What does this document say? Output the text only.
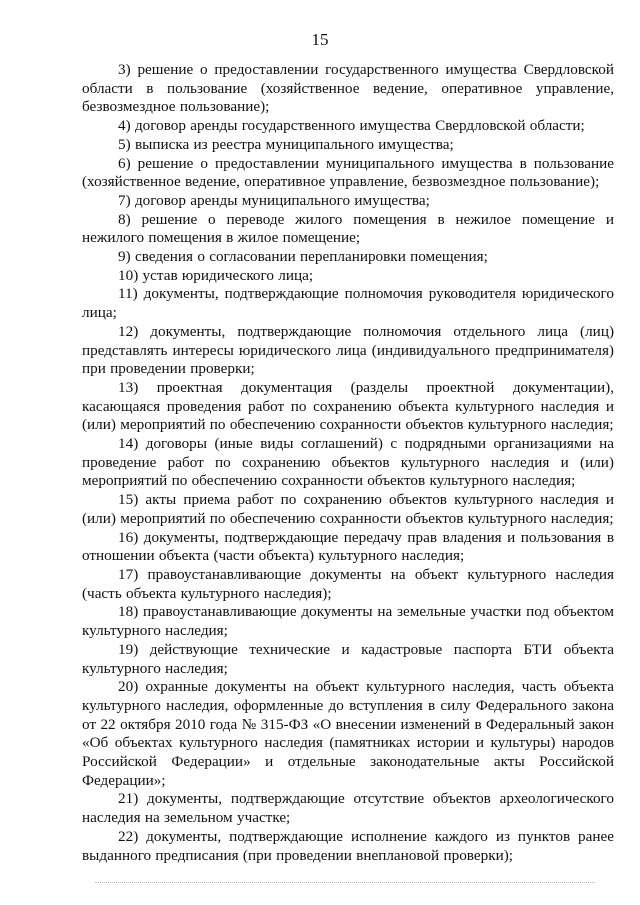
15

3) решение о предоставлении государственного имущества Свердловской области в пользование (хозяйственное ведение, оперативное управление, безвозмездное пользование);

4) договор аренды государственного имущества Свердловской области;

5) выписка из реестра муниципального имущества;

6) решение о предоставлении муниципального имущества в пользование (хозяйственное ведение, оперативное управление, безвозмездное пользование);

7) договор аренды муниципального имущества;

8) решение о переводе жилого помещения в нежилое помещение и нежилого помещения в жилое помещение;

9) сведения о согласовании перепланировки помещения;

10) устав юридического лица;

11) документы, подтверждающие полномочия руководителя юридического лица;

12) документы, подтверждающие полномочия отдельного лица (лиц) представлять интересы юридического лица (индивидуального предпринимателя) при проведении проверки;

13) проектная документация (разделы проектной документации), касающаяся проведения работ по сохранению объекта культурного наследия и (или) мероприятий по обеспечению сохранности объектов культурного наследия;

14) договоры (иные виды соглашений) с подрядными организациями на проведение работ по сохранению объектов культурного наследия и (или) мероприятий по обеспечению сохранности объектов культурного наследия;

15) акты приема работ по сохранению объектов культурного наследия и (или) мероприятий по обеспечению сохранности объектов культурного наследия;

16) документы, подтверждающие передачу прав владения и пользования в отношении объекта (части объекта) культурного наследия;

17) правоустанавливающие документы на объект культурного наследия (часть объекта культурного наследия);

18) правоустанавливающие документы на земельные участки под объектом культурного наследия;

19) действующие технические и кадастровые паспорта БТИ объекта культурного наследия;

20) охранные документы на объект культурного наследия, часть объекта культурного наследия, оформленные до вступления в силу Федерального закона от 22 октября 2010 года № 315-ФЗ «О внесении изменений в Федеральный закон «Об объектах культурного наследия (памятниках истории и культуры) народов Российской Федерации» и отдельные законодательные акты Российской Федерации»;

21) документы, подтверждающие отсутствие объектов археологического наследия на земельном участке;

22) документы, подтверждающие исполнение каждого из пунктов ранее выданного предписания (при проведении внеплановой проверки);
